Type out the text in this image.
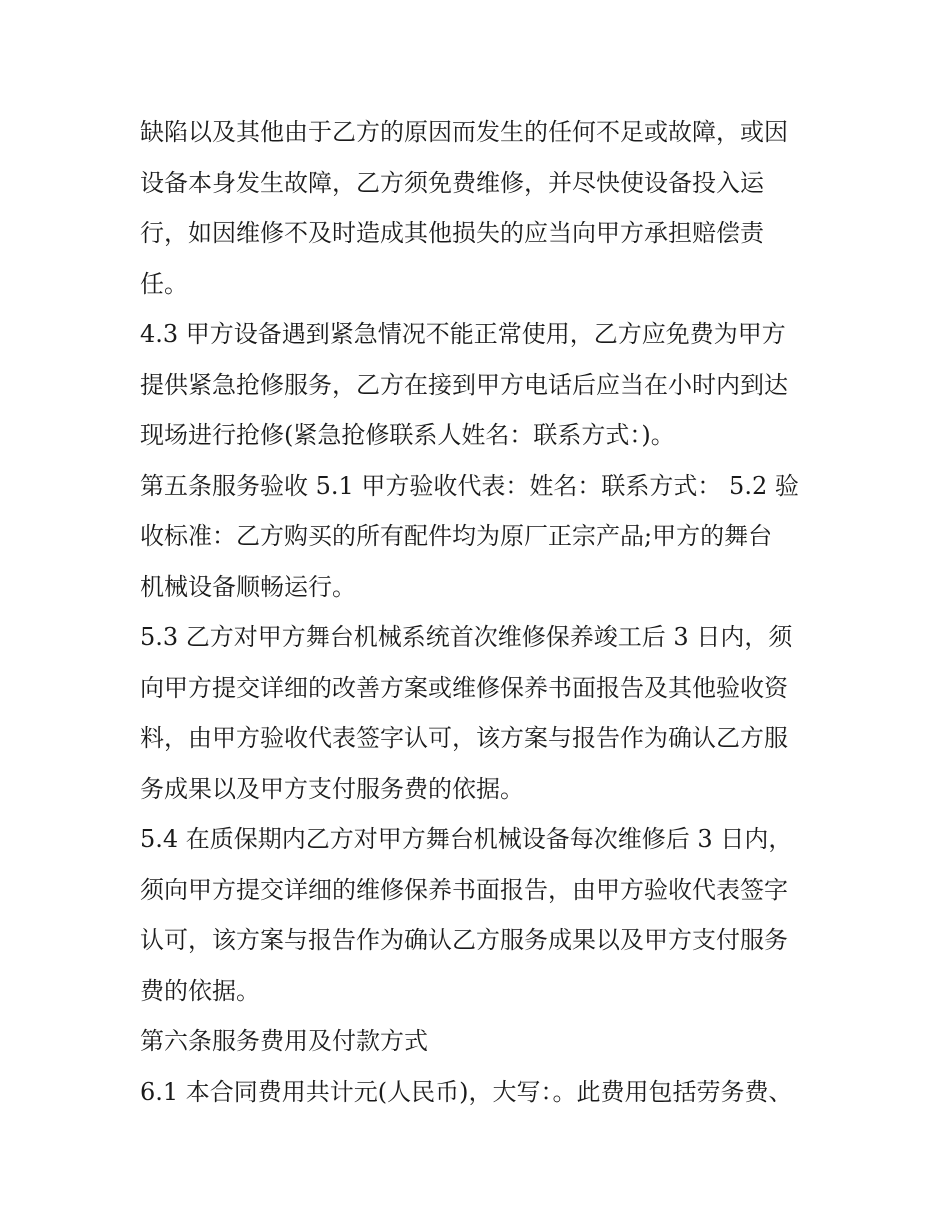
缺陷以及其他由于乙方的原因而发生的任何不足或故障，或因
设备本身发生故障，乙方须免费维修，并尽快使设备投入运
行，如因维修不及时造成其他损失的应当向甲方承担赔偿责
任。
4.3 甲方设备遇到紧急情况不能正常使用，乙方应免费为甲方
提供紧急抢修服务，乙方在接到甲方电话后应当在小时内到达
现场进行抢修(紧急抢修联系人姓名：联系方式：)。
第五条服务验收 5.1 甲方验收代表：姓名：联系方式： 5.2 验
收标准：乙方购买的所有配件均为原厂正宗产品;甲方的舞台
机械设备顺畅运行。
5.3 乙方对甲方舞台机械系统首次维修保养竣工后 3 日内，须
向甲方提交详细的改善方案或维修保养书面报告及其他验收资
料，由甲方验收代表签字认可，该方案与报告作为确认乙方服
务成果以及甲方支付服务费的依据。
5.4 在质保期内乙方对甲方舞台机械设备每次维修后 3 日内，
须向甲方提交详细的维修保养书面报告，由甲方验收代表签字
认可，该方案与报告作为确认乙方服务成果以及甲方支付服务
费的依据。
第六条服务费用及付款方式
6.1 本合同费用共计元(人民币)，大写：。此费用包括劳务费、
